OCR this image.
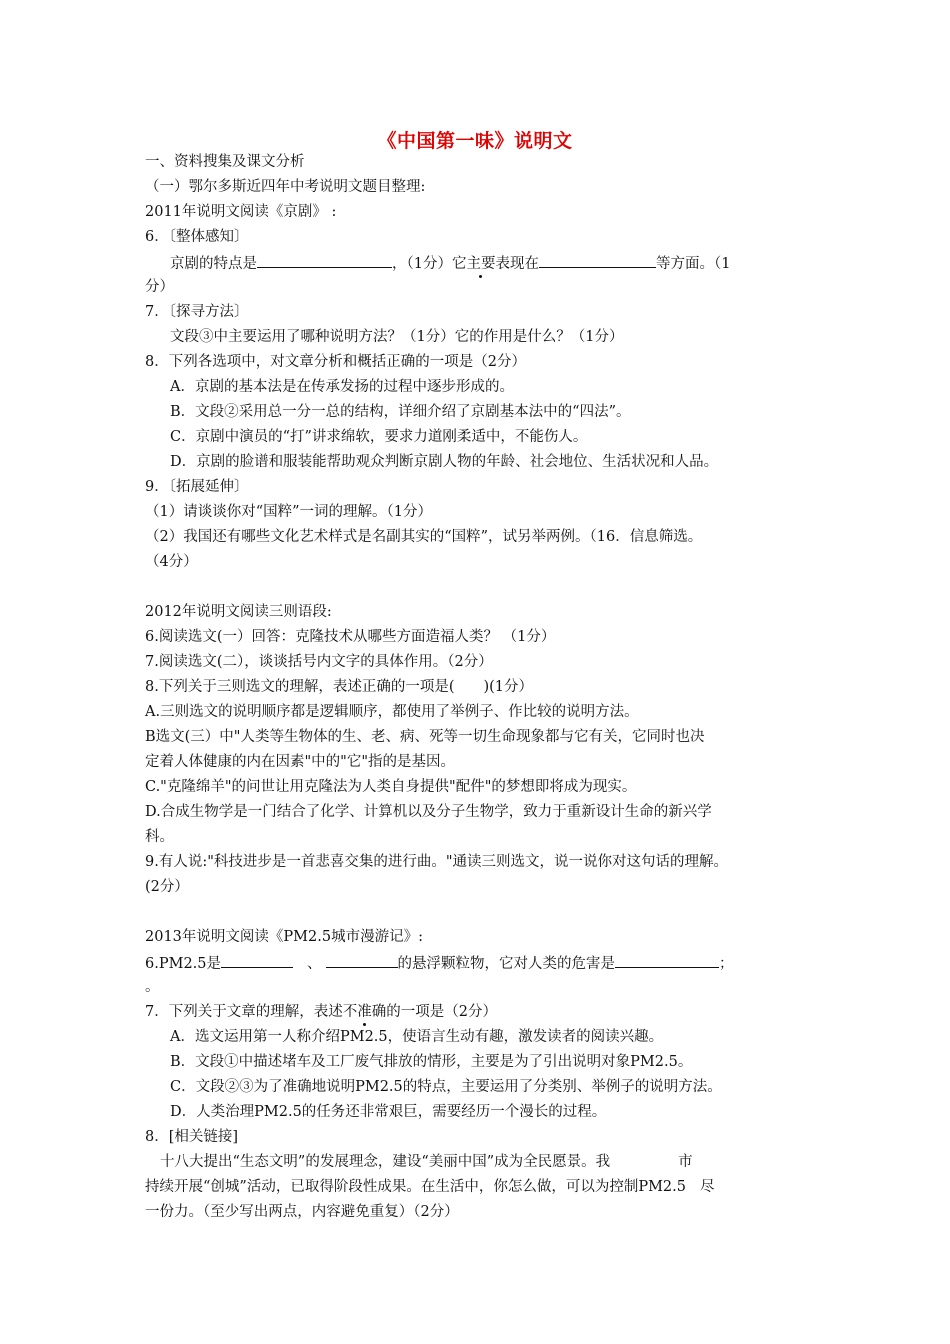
《中国第一味》说明文
一、资料搜集及课文分析
（一）鄂尔多斯近四年中考说明文题目整理:
2011年说明文阅读《京剧》 :
6．〔整体感知〕
京剧的特点是	，（1分）它主要表现在	等方面。（1
分）
7．〔探寻方法〕
文段③中主要运用了哪种说明方法？（1分）它的作用是什么？（1分）
8．下列各选项中，对文章分析和概括正确的一项是（2分）
A．京剧的基本法是在传承发扬的过程中逐步形成的。
B．文段②采用总一分一总的结构，详细介绍了京剧基本法中的“四法”。
C．京剧中演员的“打”讲求绵软，要求力道刚柔适中，不能伤人。
D．京剧的脸谱和服装能帮助观众判断京剧人物的年龄、社会地位、生活状况和人品。
9．〔拓展延伸〕
（1）请谈谈你对“国粹”一词的理解。（1分）
（2）我国还有哪些文化艺术样式是名副其实的“国粹”，试另举两例。（16．信息筛选。
（4分）
2012年说明文阅读三则语段:
6.阅读选文(一）回答：克隆技术从哪些方面造福人类？ （1分）
7.阅读选文(二），谈谈括号内文字的具体作用。（2分）
8.下列关于三则选文的理解，表述正确的一项是(　　)(1分）
A.三则选文的说明顺序都是逻辑顺序，都使用了举例子、作比较的说明方法。
B选文(三）中"人类等生物体的生、老、病、死等一切生命现象都与它有关，它同时也决
定着人体健康的内在因素"中的"它"指的是基因。
C."克隆绵羊"的问世让用克隆法为人类自身提供"配件"的梦想即将成为现实。
D.合成生物学是一门结合了化学、计算机以及分子生物学，致力于重新设计生命的新兴学
科。
9.有人说:"科技进步是一首悲喜交集的进行曲。"通读三则选文，说一说你对这句话的理解。
(2分）
2013年说明文阅读《PM2.5城市漫游记》:
6.PM2.5是	、	的悬浮颗粒物，它对人类的危害是	；
。
7．下列关于文章的理解，表述不准确的一项是（2分）
A．选文运用第一人称介绍PM2.5，使语言生动有趣，激发读者的阅读兴趣。
B．文段①中描述堵车及工厂废气排放的情形，主要是为了引出说明对象PM2.5。
C．文段②③为了准确地说明PM2.5的特点，主要运用了分类别、举例子的说明方法。
D．人类治理PM2.5的任务还非常艰巨，需要经历一个漫长的过程。
8．[相关链接]
十八大提出“生态文明”的发展理念，建设“美丽中国”成为全民愿景。我	市
持续开展“创城”活动，已取得阶段性成果。在生活中，你怎么做，可以为控制PM2.5 尽
一份力。（至少写出两点，内容避免重复）（2分）
